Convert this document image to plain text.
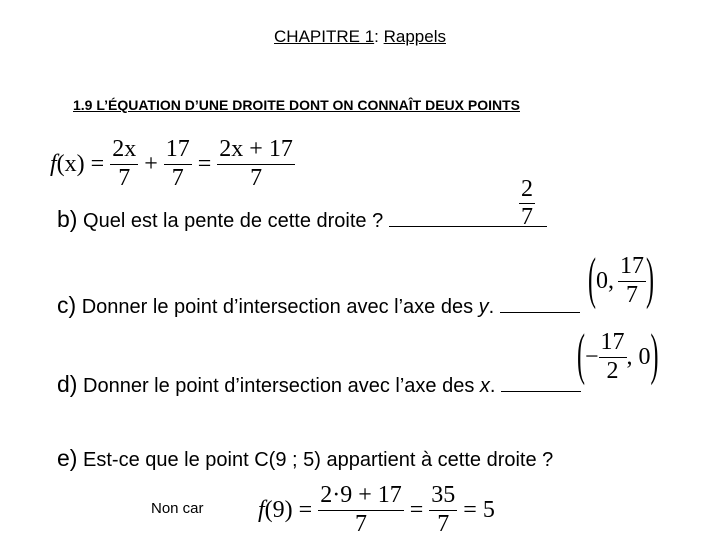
CHAPITRE 1: Rappels
1.9 L’ÉQUATION D’UNE DROITE DONT ON CONNAÎT DEUX POINTS
f $(x) = \frac{2x}{7} + \frac{17}{7} = \frac{2x + 17}{7}$
b) Quel est la pente de cette droite ?	$\frac{2}{7}$
c) Donner le point d’intersection avec l’axe des y.	( 0, $\frac{17}{7}$ )
d) Donner le point d’intersection avec l’axe des x.	( − $\frac{17}{2}$ , 0 )
e) Est-ce que le point C(9 ; 5) appartient à cette droite ?
Non car f $(9) = \frac{2\cdot 9 + 17}{7} = \frac{35}{7} = 5$
